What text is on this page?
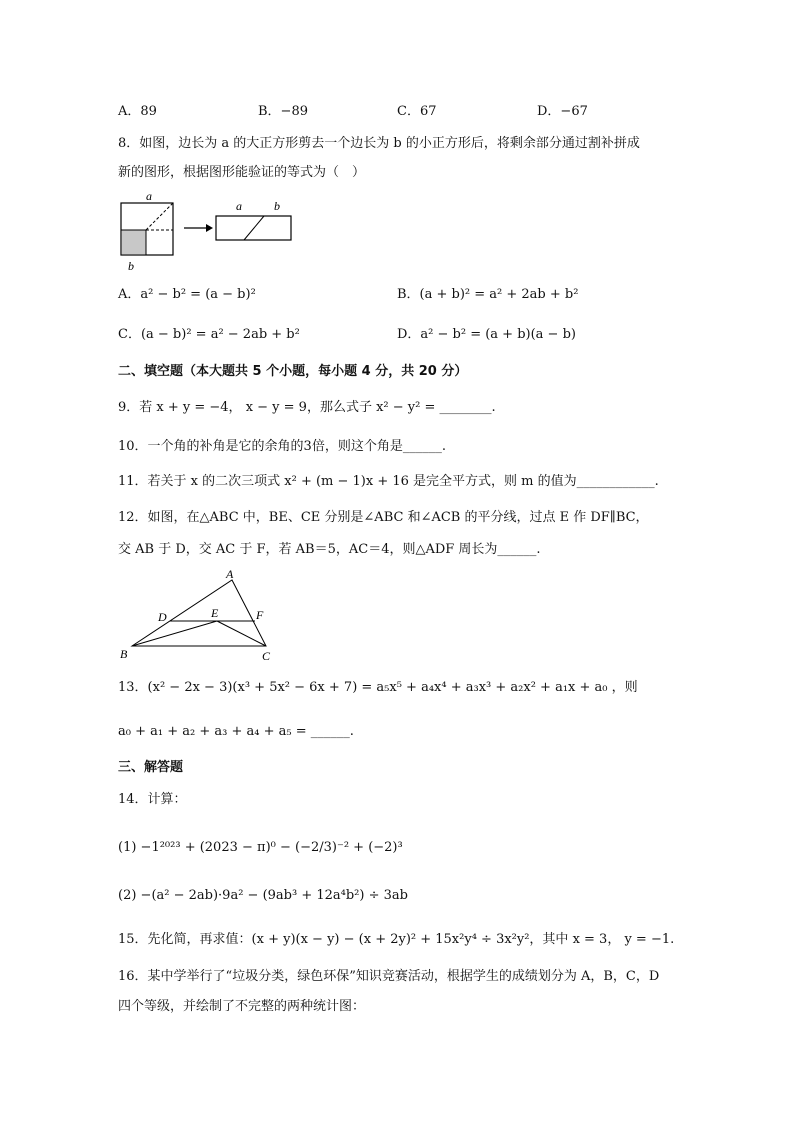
A．89	B．−89	C．67	D．−67
8．如图，边长为 a 的大正方形剪去一个边长为 b 的小正方形后，将剩余部分通过割补拼成
新的图形，根据图形能验证的等式为（　）
a
b
a	b
A．a² − b² = (a − b)²	B．(a + b)² = a² + 2ab + b²
C．(a − b)² = a² − 2ab + b²	D．a² − b² = (a + b)(a − b)
二、填空题（本大题共 5 个小题，每小题 4 分，共 20 分）
9．若 x + y = −4， x − y = 9，那么式子 x² − y² = ________.
10．一个角的补角是它的余角的3倍，则这个角是______.
11．若关于 x 的二次三项式 x² + (m − 1)x + 16 是完全平方式，则 m 的值为____________.
12．如图，在△ABC 中，BE、CE 分别是∠ABC 和∠ACB 的平分线，过点 E 作 DF∥BC，
交 AB 于 D，交 AC 于 F，若 AB＝5，AC＝4，则△ADF 周长为______.
A
B	C
D	E	F
13．(x² − 2x − 3)(x³ + 5x² − 6x + 7) = a₅x⁵ + a₄x⁴ + a₃x³ + a₂x² + a₁x + a₀ ，则
a₀ + a₁ + a₂ + a₃ + a₄ + a₅ = ______.
三、解答题
14．计算：
(1) −1²⁰²³ + (2023 − π)⁰ − (−2/3)⁻² + (−2)³
(2) −(a² − 2ab)·9a² − (9ab³ + 12a⁴b²) ÷ 3ab
15．先化简，再求值：(x + y)(x − y) − (x + 2y)² + 15x²y⁴ ÷ 3x²y²，其中 x = 3， y = −1.
16．某中学举行了“垃圾分类，绿色环保”知识竞赛活动，根据学生的成绩划分为 A，B，C，D
四个等级，并绘制了不完整的两种统计图：
